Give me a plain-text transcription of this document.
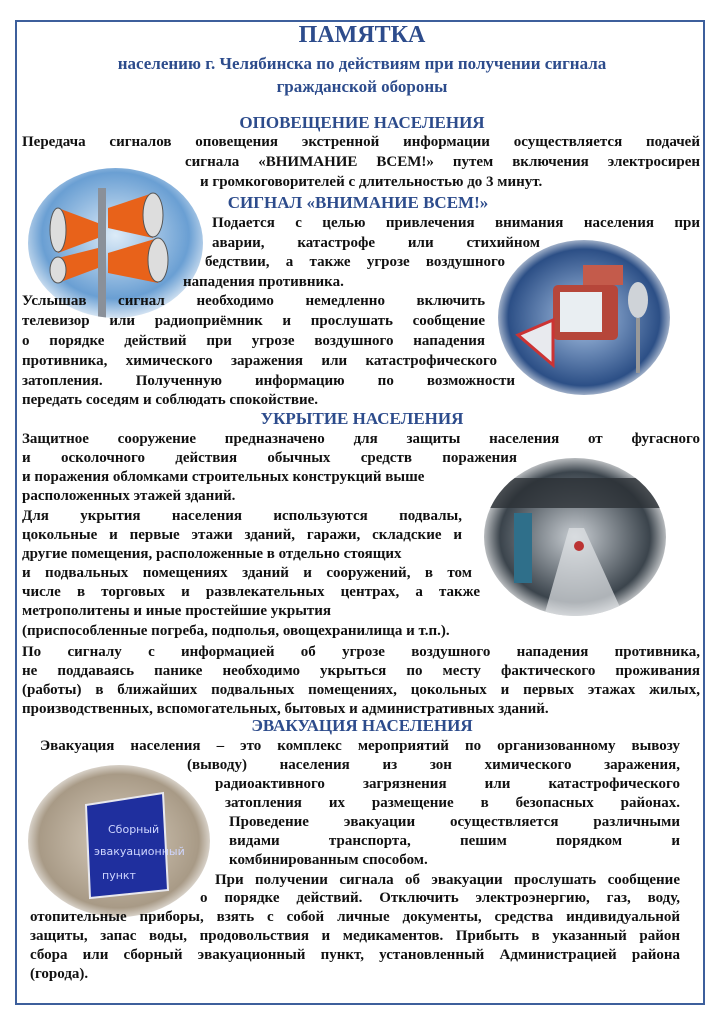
ПАМЯТКА
населению г. Челябинска по действиям при получении сигнала
гражданской обороны
Сборный
эвакуационный
пункт
ОПОВЕЩЕНИЕ НАСЕЛЕНИЯ
Передача сигналов оповещения экстренной информации осуществляется подачей
сигнала «ВНИМАНИЕ ВСЕМ!» путем включения электросирен
и громкоговорителей с длительностью до 3 минут.
СИГНАЛ «ВНИМАНИЕ ВСЕМ!»
Подается с целью привлечения внимания населения при
аварии, катастрофе или стихийном
бедствии, а также угрозе воздушного
нападения противника.
Услышав сигнал необходимо немедленно включить
телевизор или радиоприёмник и прослушать сообщение
о порядке действий при угрозе воздушного нападения
противника, химического заражения или катастрофического
затопления. Полученную информацию по возможности
передать соседям и соблюдать спокойствие.
УКРЫТИЕ НАСЕЛЕНИЯ
Защитное сооружение предназначено для защиты населения от фугасного
и осколочного действия обычных средств поражения
и поражения обломками строительных конструкций выше
расположенных этажей зданий.
Для укрытия населения используются подвалы,
цокольные и первые этажи зданий, гаражи, складские и
другие помещения, расположенные в отдельно стоящих
и подвальных помещениях зданий и сооружений, в том
числе в торговых и развлекательных центрах, а также
метрополитены и иные простейшие укрытия
(приспособленные погреба, подполья, овощехранилища и т.п.).
По сигналу с информацией об угрозе воздушного нападения противника,
не поддаваясь панике необходимо укрыться по месту фактического проживания
(работы) в ближайших подвальных помещениях, цокольных и первых этажах жилых,
производственных, вспомогательных, бытовых и административных зданий.
ЭВАКУАЦИЯ НАСЕЛЕНИЯ
Эвакуация населения – это комплекс мероприятий по организованному вывозу
(выводу) населения из зон химического заражения,
радиоактивного загрязнения или катастрофического
затопления их размещение в безопасных районах.
Проведение эвакуации осуществляется различными
видами транспорта, пешим порядком и
комбинированным способом.
При получении сигнала об эвакуации прослушать сообщение
о порядке действий. Отключить электроэнергию, газ, воду,
отопительные приборы, взять с собой личные документы, средства индивидуальной
защиты, запас воды, продовольствия и медикаментов. Прибыть в указанный район
сбора или сборный эвакуационный пункт, установленный Администрацией района
(города).
